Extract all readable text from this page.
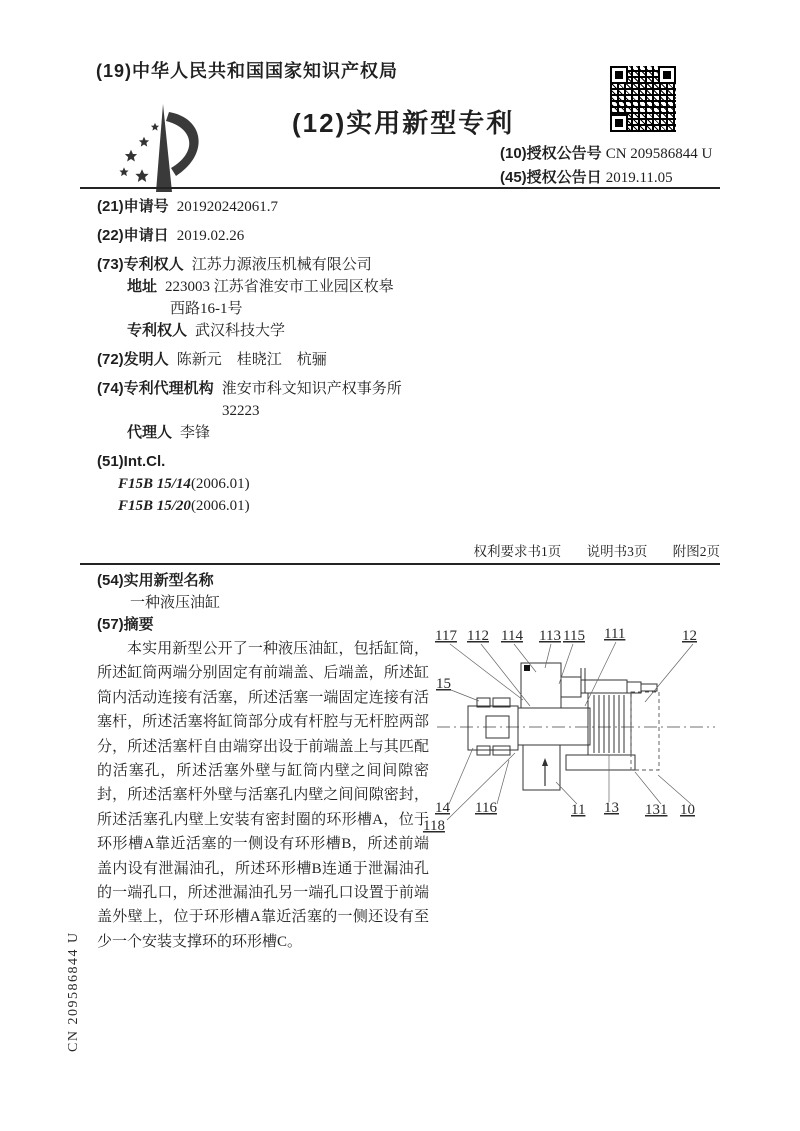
(19)中华人民共和国国家知识产权局
(12)实用新型专利
(10)授权公告号 CN 209586844 U
(45)授权公告日 2019.11.05
(21)申请号 201920242061.7
(22)申请日 2019.02.26
(73)专利权人 江苏力源液压机械有限公司
地址 223003 江苏省淮安市工业园区枚皋
西路16-1号
专利权人 武汉科技大学
(72)发明人 陈新元　桂晓江　杭骊
(74)专利代理机构 淮安市科文知识产权事务所
32223
代理人 李锋
(51)Int.Cl.
F15B 15/14(2006.01)
F15B 15/20(2006.01)
权利要求书1页 说明书3页 附图2页
(54)实用新型名称
一种液压油缸
(57)摘要
本实用新型公开了一种液压油缸，包括缸筒，所述缸筒两端分别固定有前端盖、后端盖，所述缸筒内活动连接有活塞，所述活塞一端固定连接有活塞杆，所述活塞将缸筒部分成有杆腔与无杆腔两部分，所述活塞杆自由端穿出设于前端盖上与其匹配的活塞孔，所述活塞外壁与缸筒内壁之间间隙密封，所述活塞杆外壁与活塞孔内壁之间间隙密封，所述活塞孔内壁上安装有密封圈的环形槽A，位于环形槽A靠近活塞的一侧设有环形槽B，所述前端盖内设有泄漏油孔，所述环形槽B连通于泄漏油孔的一端孔口，所述泄漏油孔另一端孔口设置于前端盖外壁上，位于环形槽A靠近活塞的一侧还设有至少一个安装支撑环的环形槽C。
117 112 114 113 115 111	12
15
14 116
118
11 13 131 10
CN 209586844 U
